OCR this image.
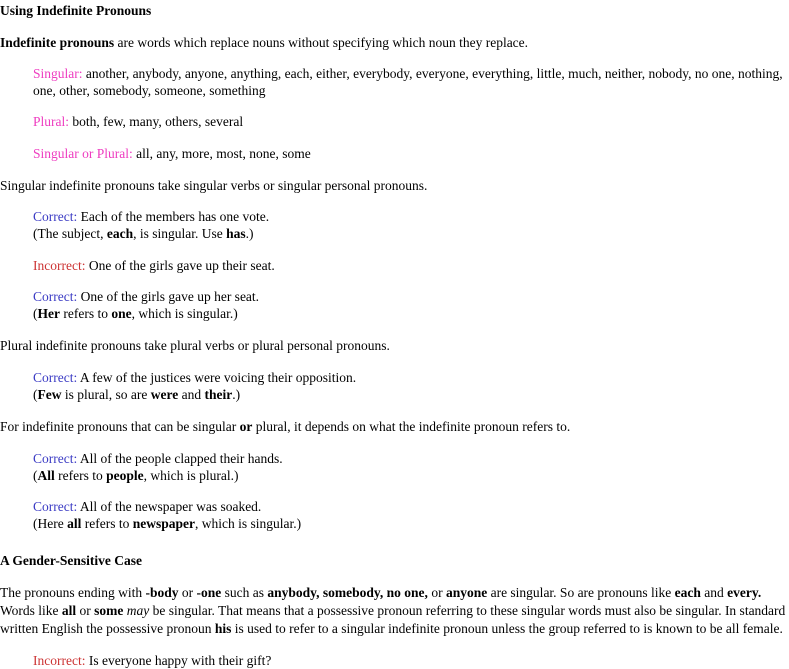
Using Indefinite Pronouns

Indefinite pronouns are words which replace nouns without specifying which noun they replace.

Singular: another, anybody, anyone, anything, each, either, everybody, everyone, everything, little, much, neither, nobody, no one, nothing, one, other, somebody, someone, something
Plural: both, few, many, others, several
Singular or Plural: all, any, more, most, none, some

Singular indefinite pronouns take singular verbs or singular personal pronouns.

Correct: Each of the members has one vote.
(The subject, each, is singular. Use has.)
Incorrect: One of the girls gave up their seat.
Correct: One of the girls gave up her seat.
(Her refers to one, which is singular.)

Plural indefinite pronouns take plural verbs or plural personal pronouns.

Correct: A few of the justices were voicing their opposition.
(Few is plural, so are were and their.)

For indefinite pronouns that can be singular or plural, it depends on what the indefinite pronoun refers to.

Correct: All of the people clapped their hands.
(All refers to people, which is plural.)
Correct: All of the newspaper was soaked.
(Here all refers to newspaper, which is singular.)
A Gender-Sensitive Case

The pronouns ending with -body or -one such as anybody, somebody, no one, or anyone are singular. So are pronouns like each and every. Words like all or some may be singular. That means that a possessive pronoun referring to these singular words must also be singular. In standard written English the possessive pronoun his is used to refer to a singular indefinite pronoun unless the group referred to is known to be all female.

Incorrect: Is everyone happy with their gift?
